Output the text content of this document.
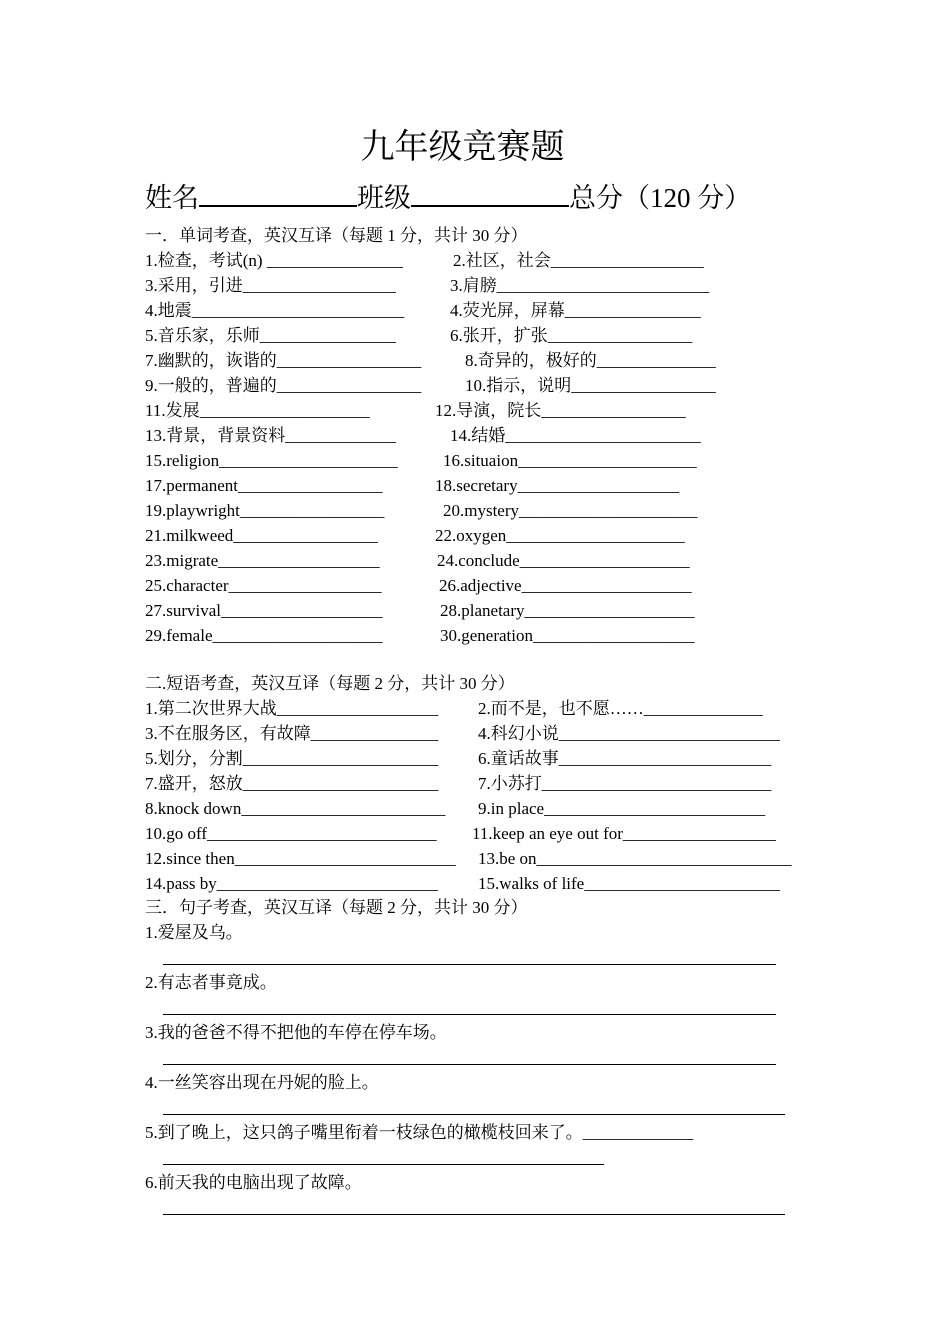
九年级竞赛题
姓名	班级	总分（120 分）
一．单词考查，英汉互译（每题 1 分，共计 30 分）
1.检查，考试(n) ________________	2.社区，社会__________________
3.采用，引进__________________	3.肩膀_________________________
4.地震_________________________	4.荧光屏，屏幕________________
5.音乐家，乐师________________	6.张开，扩张_________________
7.幽默的，诙谐的_________________	8.奇异的，极好的______________
9.一般的，普遍的_________________	10.指示，说明_________________
11.发展____________________	12.导演，院长_________________
13.背景，背景资料_____________	14.结婚_______________________
15.religion_____________________	16.situaion_____________________
17.permanent_________________	18.secretary___________________
19.playwright_________________	20.mystery_____________________
21.milkweed_________________	22.oxygen_____________________
23.migrate___________________	24.conclude____________________
25.character__________________	26.adjective____________________
27.survival___________________	28.planetary____________________
29.female____________________	30.generation___________________
二.短语考查，英汉互译（每题 2 分，共计 30 分）
1.第二次世界大战___________________ 2.而不是，也不愿……______________
3.不在服务区，有故障_______________ 4.科幻小说__________________________
5.划分，分割_______________________ 6.童话故事_________________________
7.盛开，怒放_______________________ 7.小苏打___________________________
8.knock down________________________ 9.in place__________________________
10.go off___________________________ 11.keep an eye out for__________________
12.since then__________________________ 13.be on______________________________
14.pass by__________________________ 15.walks of life_______________________
三．句子考查，英汉互译（每题 2 分，共计 30 分）
1.爱屋及乌。
2.有志者事竟成。
3.我的爸爸不得不把他的车停在停车场。
4.一丝笑容出现在丹妮的脸上。
5.到了晚上，这只鸽子嘴里衔着一枝绿色的橄榄枝回来了。_____________
6.前天我的电脑出现了故障。
